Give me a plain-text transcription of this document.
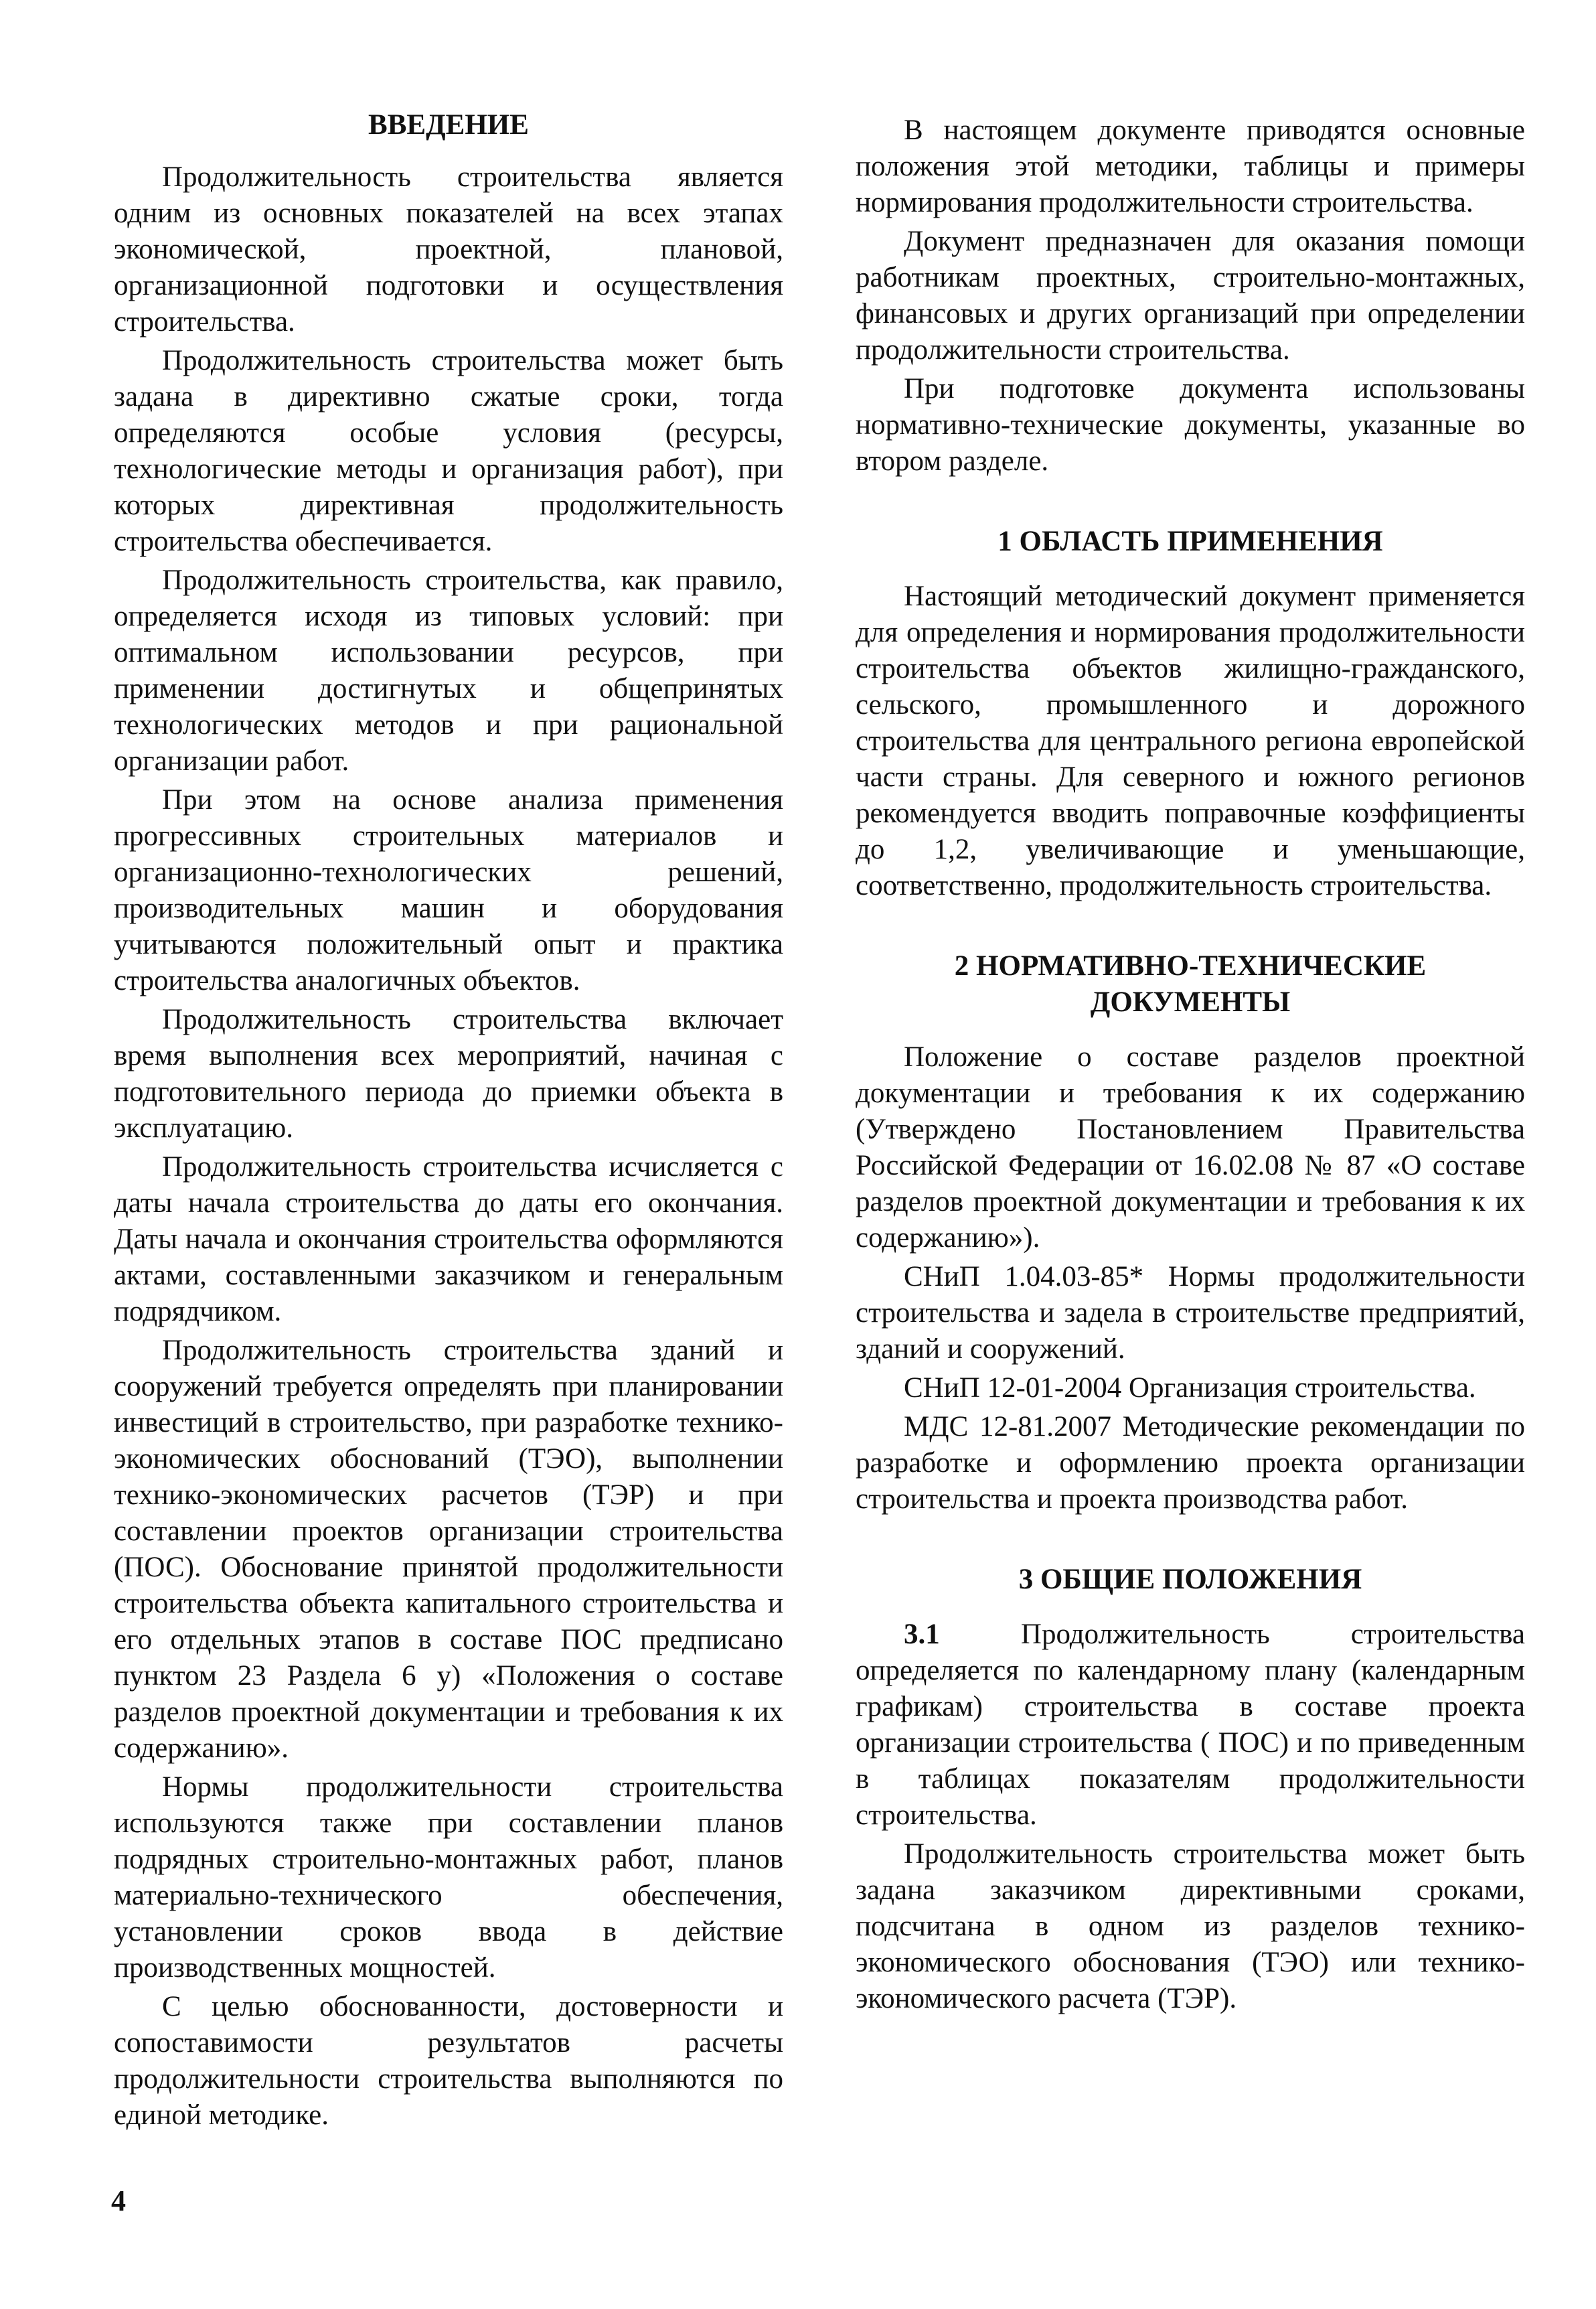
ВВЕДЕНИЕ

Продолжительность строительства является одним из основных показателей на всех этапах экономической, проектной, плановой, организационной подготовки и осуществления строительства.

Продолжительность строительства может быть задана в директивно сжатые сроки, тогда определяются особые условия (ресурсы, технологические методы и организация работ), при которых директивная продолжительность строительства обеспечивается.

Продолжительность строительства, как правило, определяется исходя из типовых условий: при оптимальном использовании ресурсов, при применении достигнутых и общепринятых технологических методов и при рациональной организации работ.

При этом на основе анализа применения прогрессивных строительных материалов и организационно-технологических решений, производительных машин и оборудования учитываются положительный опыт и практика строительства аналогичных объектов.

Продолжительность строительства включает время выполнения всех мероприятий, начиная с подготовительного периода до приемки объекта в эксплуатацию.

Продолжительность строительства исчисляется с даты начала строительства до даты его окончания. Даты начала и окончания строительства оформляются актами, составленными заказчиком и генеральным подрядчиком.

Продолжительность строительства зданий и сооружений требуется определять при планировании инвестиций в строительство, при разработке технико-экономических обоснований (ТЭО), выполнении технико-экономических расчетов (ТЭР) и при составлении проектов организации строительства (ПОС). Обоснование принятой продолжительности строительства объекта капитального строительства и его отдельных этапов в составе ПОС предписано пунктом 23 Раздела 6 у) «Положения о составе разделов проектной документации и требования к их содержанию».

Нормы продолжительности строительства используются также при составлении планов подрядных строительно-монтажных работ, планов материально-технического обеспечения, установлении сроков ввода в действие производственных мощностей.

С целью обоснованности, достоверности и сопоставимости результатов расчеты продолжительности строительства выполняются по единой методике.

В настоящем документе приводятся основные положения этой методики, таблицы и примеры нормирования продолжительности строительства.

Документ предназначен для оказания помощи работникам проектных, строительно-монтажных, финансовых и других организаций при определении продолжительности строительства.

При подготовке документа использованы нормативно-технические документы, указанные во втором разделе.

1 ОБЛАСТЬ ПРИМЕНЕНИЯ

Настоящий методический документ применяется для определения и нормирования продолжительности строительства объектов жилищно-гражданского, сельского, промышленного и дорожного строительства для центрального региона европейской части страны. Для северного и южного регионов рекомендуется вводить поправочные коэффициенты до 1,2, увеличивающие и уменьшающие, соответственно, продолжительность строительства.

2 НОРМАТИВНО-ТЕХНИЧЕСКИЕ
ДОКУМЕНТЫ

Положение о составе разделов проектной документации и требования к их содержанию (Утверждено Постановлением Правительства Российской Федерации от 16.02.08 № 87 «О составе разделов проектной документации и требования к их содержанию»).

СНиП 1.04.03-85* Нормы продолжительности строительства и задела в строительстве предприятий, зданий и сооружений.

СНиП 12-01-2004 Организация строительства.

МДС 12-81.2007 Методические рекомендации по разработке и оформлению проекта организации строительства и проекта производства работ.

3 ОБЩИЕ ПОЛОЖЕНИЯ

3.1 Продолжительность строительства определяется по календарному плану (календарным графикам) строительства в составе проекта организации строительства ( ПОС) и по приведенным в таблицах показателям продолжительности строительства.

Продолжительность строительства может быть задана заказчиком директивными сроками, подсчитана в одном из разделов технико-экономического обоснования (ТЭО) или технико-экономического расчета (ТЭР).

4
